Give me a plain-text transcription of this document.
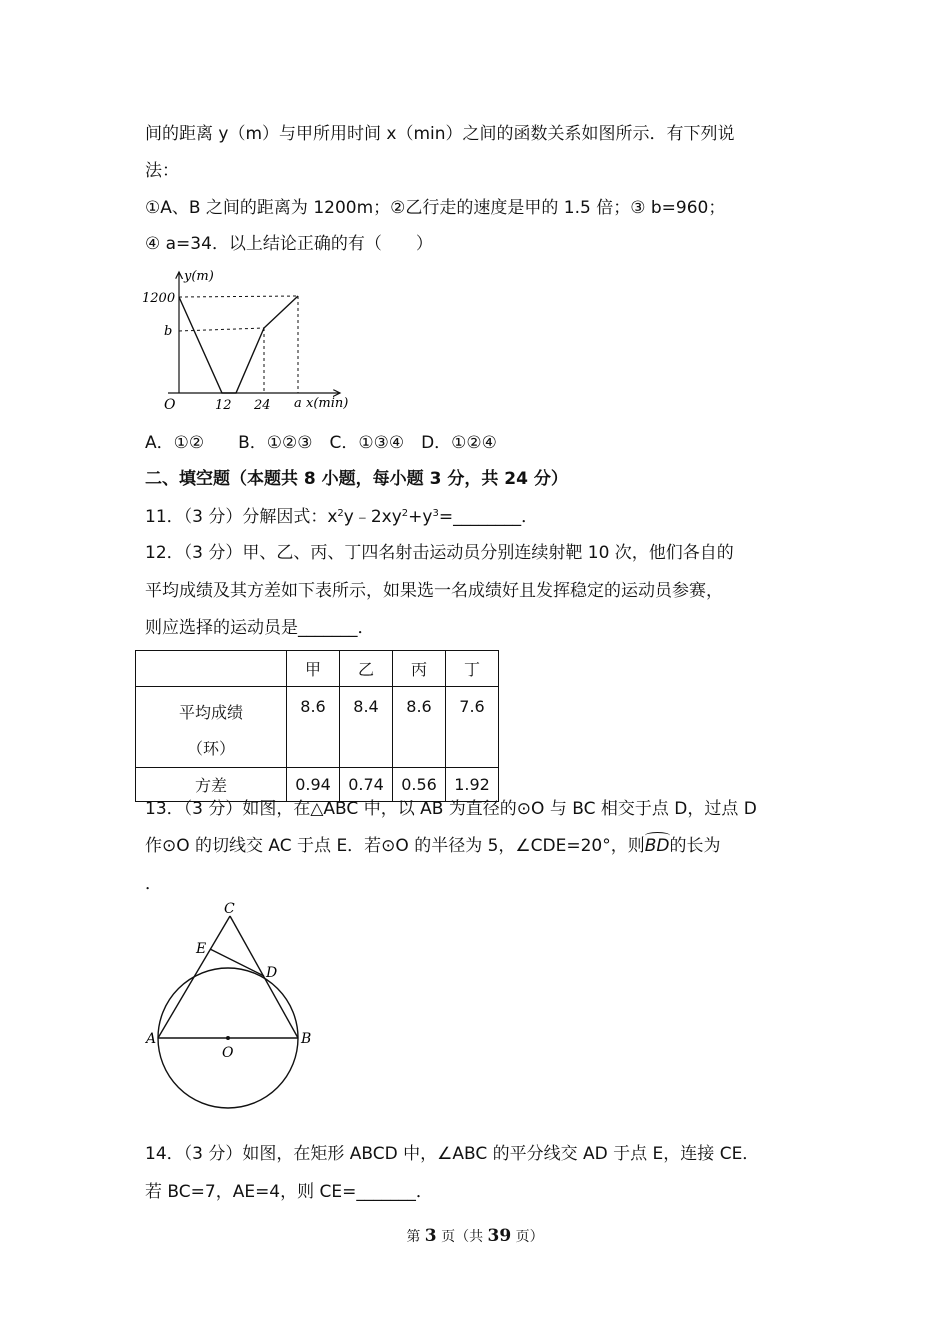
间的距离 y（m）与甲所用时间 x（min）之间的函数关系如图所示．有下列说
法：
①A、B 之间的距离为 1200m；②乙行走的速度是甲的 1.5 倍；③ b=960；
④ a=34．以上结论正确的有（　　）
y(m)
1200
b
O	12 24 a x(min)
A．①②　　B．①②③　C．①③④　D．①②④
二、填空题（本题共 8 小题，每小题 3 分，共 24 分）
11．（3 分）分解因式：$x^2y﹣2xy^2+y^3=\_\_\_\_\_\_\_\_$．
12．（3 分）甲、乙、丙、丁四名射击运动员分别连续射靶 10 次，他们各自的
平均成绩及其方差如下表所示，如果选一名成绩好且发挥稳定的运动员参赛，
则应选择的运动员是_______．
	甲	乙	丙	丁
平均成绩
（环）	8.6	8.4	8.6	7.6
方差	0.94	0.74	0.56	1.92
13．（3 分）如图，在△ABC 中，以 AB 为直径的⊙O 与 BC 相交于点 D，过点 D
作⊙O 的切线交 AC 于点 E．若⊙O 的半径为 5，∠CDE=20°，则BD的长为
．
C
E
D
A	B
O
14．（3 分）如图，在矩形 ABCD 中，∠ABC 的平分线交 AD 于点 E，连接 CE．
若 BC=7，AE=4，则 CE=_______．
第 3 页（共 39 页）
